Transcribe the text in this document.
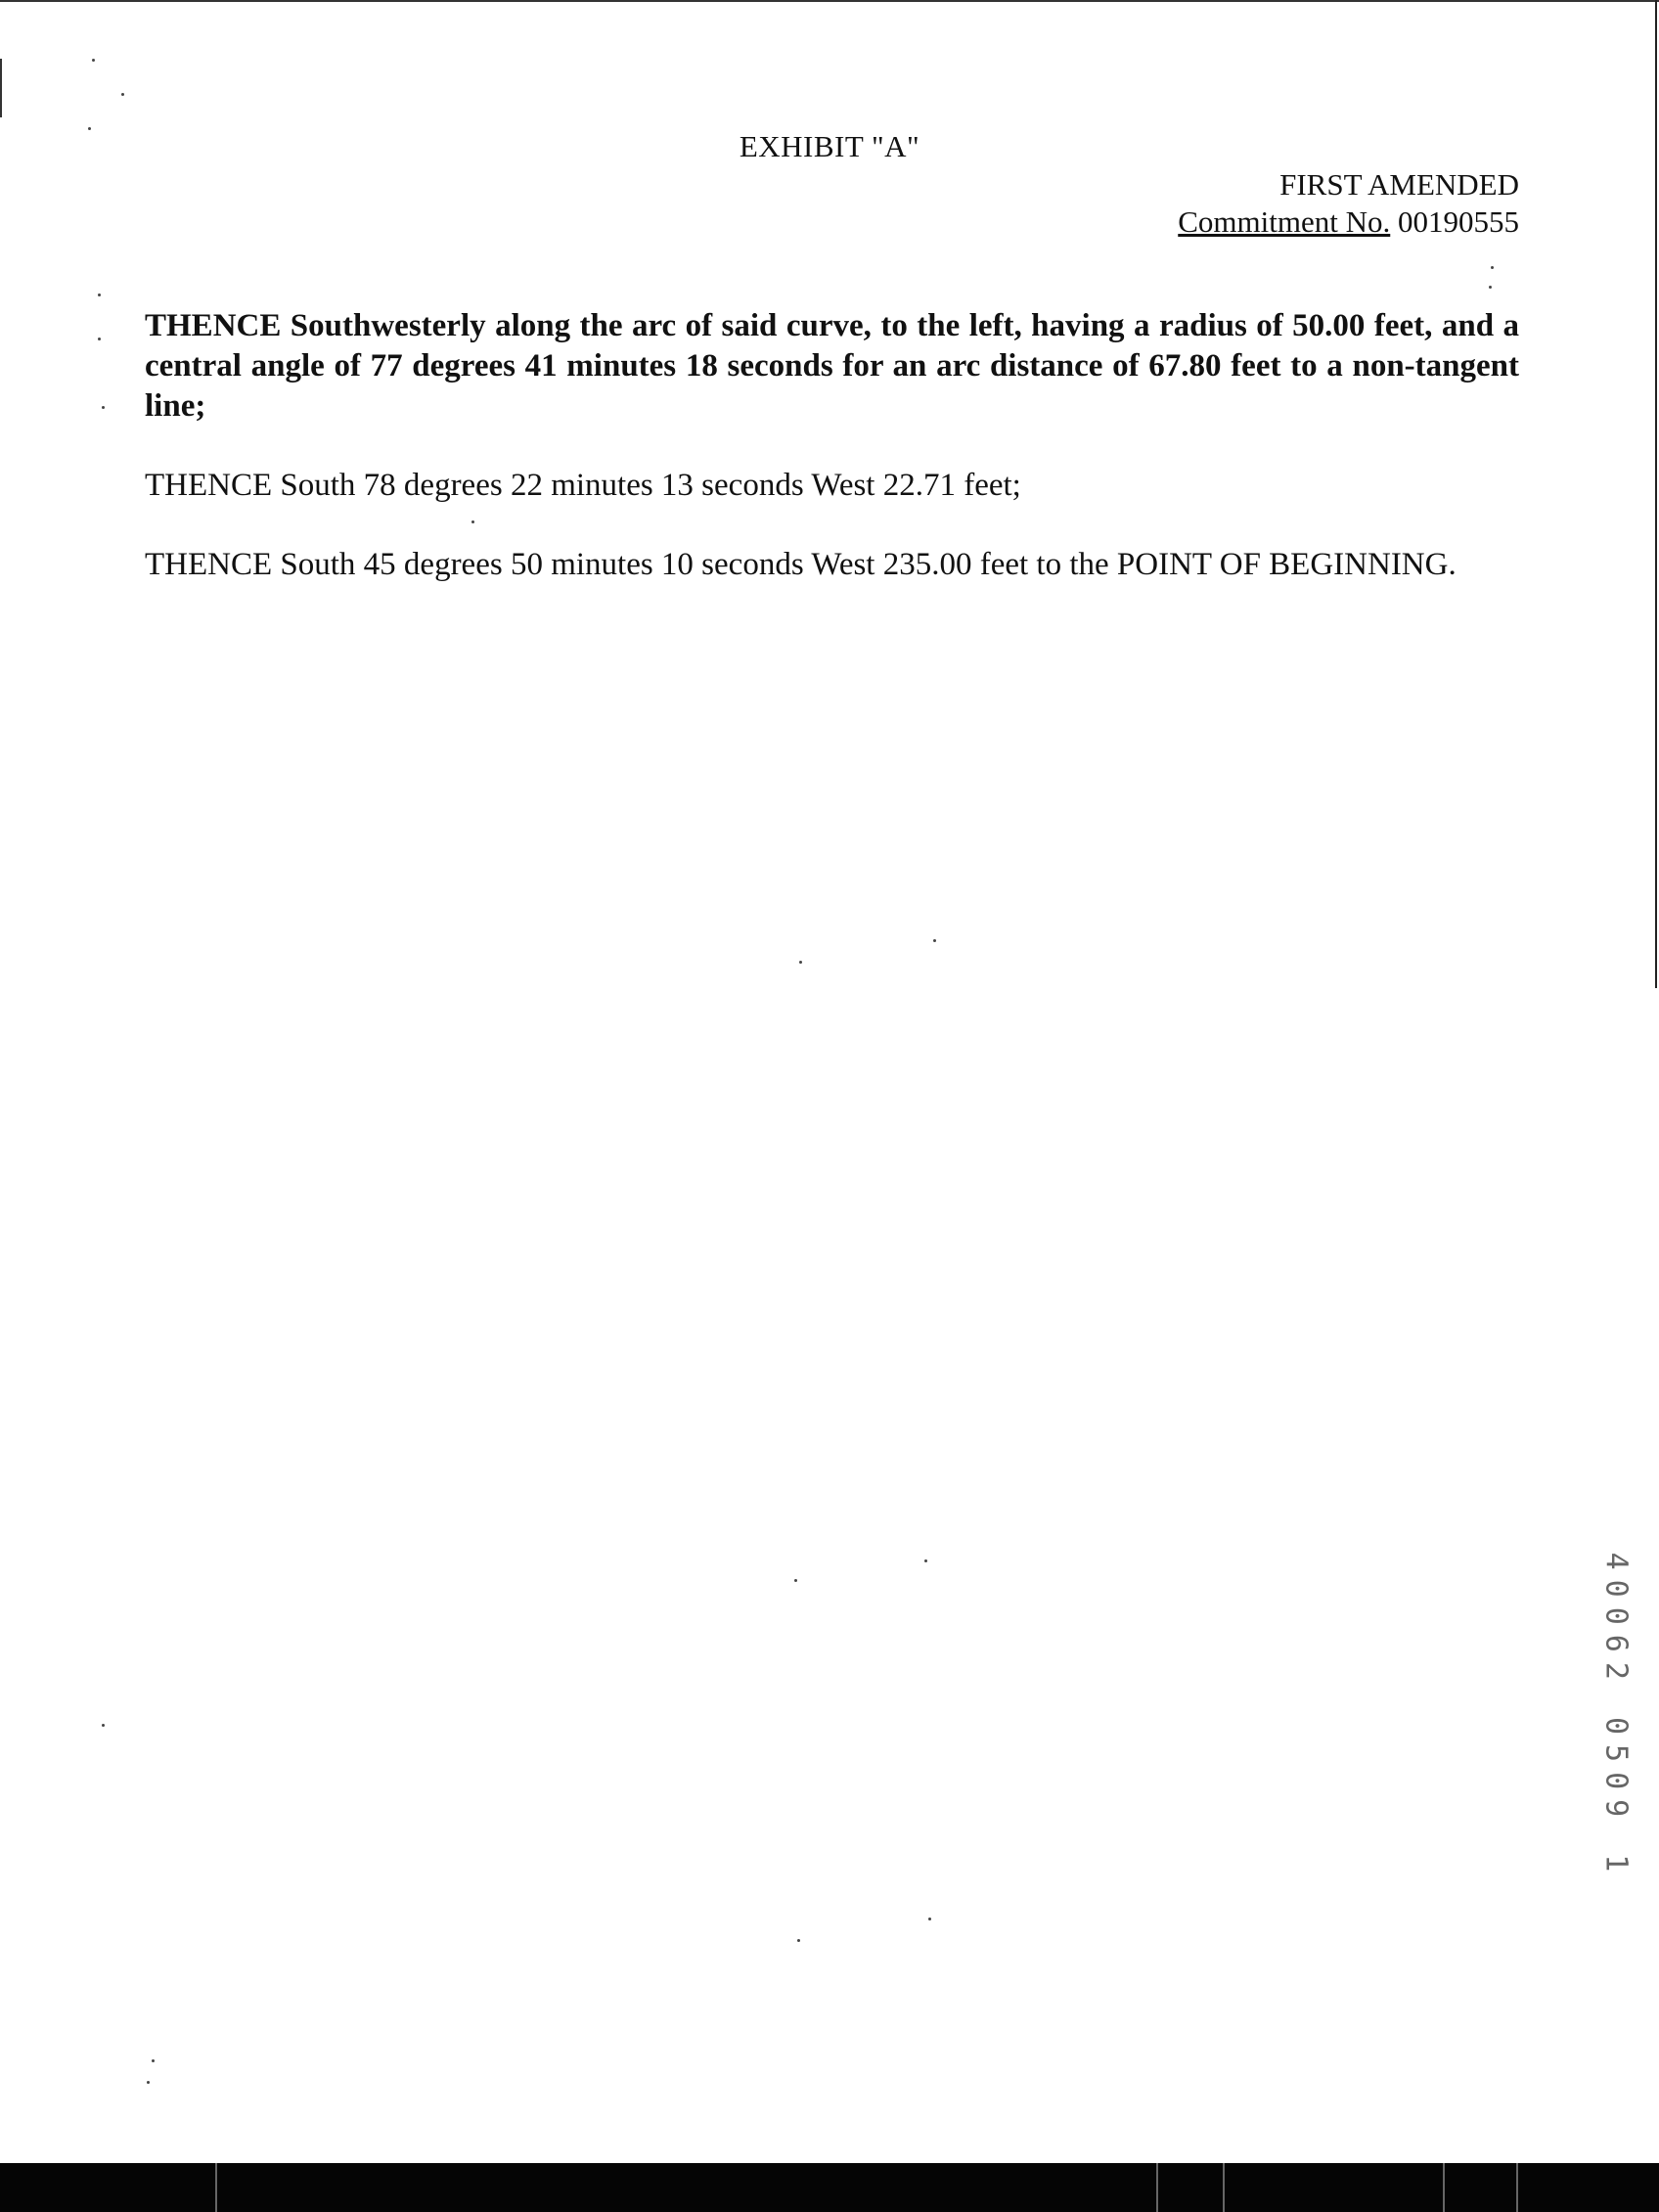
EXHIBIT "A"
FIRST AMENDED
Commitment No. 00190555

THENCE Southwesterly along the arc of said curve, to the left, having a radius of 50.00 feet, and a central angle of 77 degrees 41 minutes 18 seconds for an arc distance of 67.80 feet to a non-tangent line;

THENCE South 78 degrees 22 minutes 13 seconds West 22.71 feet;

THENCE South 45 degrees 50 minutes 10 seconds West 235.00 feet to the POINT OF BEGINNING.

40062 0509 1
